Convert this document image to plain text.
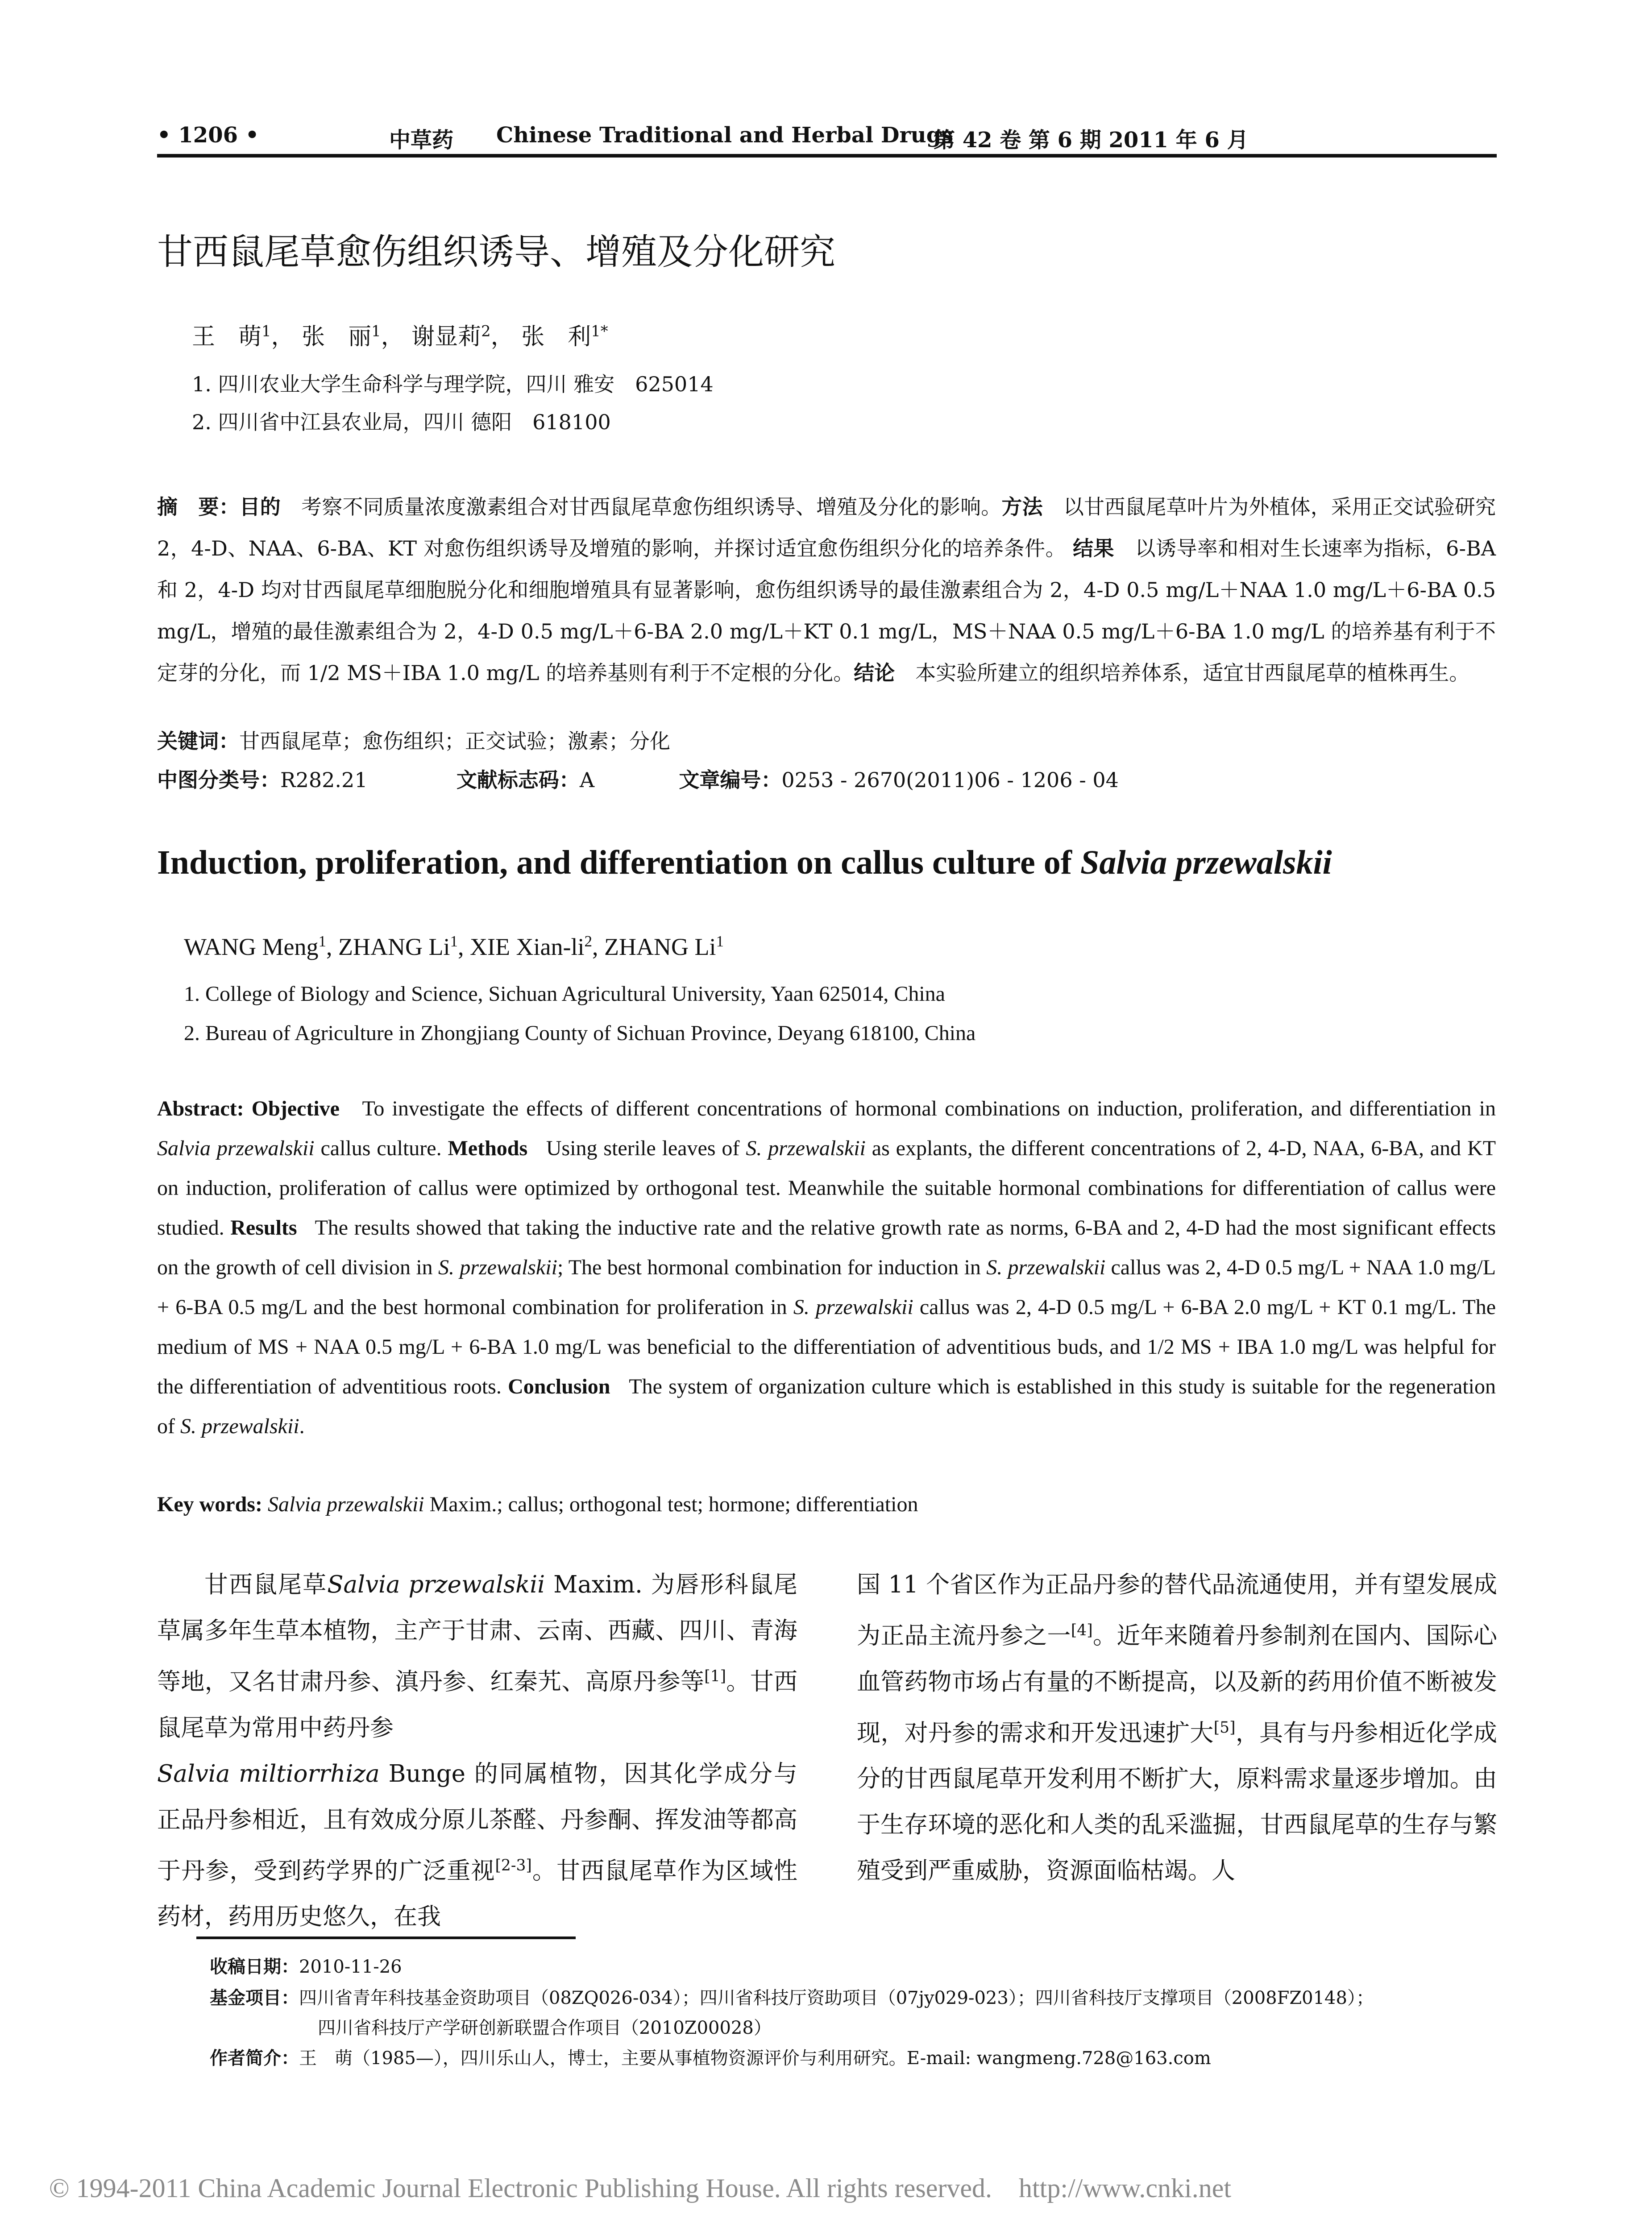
• 1206 •	中草药 Chinese Traditional and Herbal Drugs
第 42 卷 第 6 期 2011 年 6 月
甘西鼠尾草愈伤组织诱导、增殖及分化研究
王　萌$^1$， 张　丽$^1$， 谢显莉$^2$， 张　利$^{1*}$
1. 四川农业大学生命科学与理学院，四川 雅安　625014
2. 四川省中江县农业局，四川 德阳　618100
摘　要：目的　 考察不同质量浓度激素组合对甘西鼠尾草愈伤组织诱导、增殖及分化的影响。方法　 以甘西鼠尾草叶片为外植体，采用正交试验研究 2，4-D、NAA、6-BA、KT 对愈伤组织诱导及增殖的影响，并探讨适宜愈伤组织分化的培养条件。 结果　 以诱导率和相对生长速率为指标，6-BA 和 2，4-D 均对甘西鼠尾草细胞脱分化和细胞增殖具有显著影响，愈伤组织诱导的最佳激素组合为 2，4-D 0.5 mg/L＋NAA 1.0 mg/L＋6-BA 0.5 mg/L，增殖的最佳激素组合为 2，4-D 0.5 mg/L＋6-BA 2.0 mg/L＋KT 0.1 mg/L，MS＋NAA 0.5 mg/L＋6-BA 1.0 mg/L 的培养基有利于不定芽的分化，而 1/2 MS＋IBA 1.0 mg/L 的培养基则有利于不定根的分化。结论　 本实验所建立的组织培养体系，适宜甘西鼠尾草的植株再生。
关键词：甘西鼠尾草；愈伤组织；正交试验；激素；分化
中图分类号：R282.21	文献标志码：A	文章编号：0253 - 2670(2011)06 - 1206 - 04
Induction, proliferation, and differentiation on callus culture of Salvia przewalskii
WANG Meng$^1$, ZHANG Li$^1$, XIE Xian-$li^2$, ZHANG Li$^1$
1. College of Biology and Science, Sichuan Agricultural University, Yaan 625014, China
2. Bureau of Agriculture in Zhongjiang County of Sichuan Province, Deyang 618100, China
Abstract: Objective To investigate the effects of different concentrations of hormonal combinations on induction, proliferation, and differentiation in Salvia przewalskii callus culture. Methods Using sterile leaves of S. przewalskii as explants, the different concentrations of 2, 4-D, NAA, 6-BA, and KT on induction, proliferation of callus were optimized by orthogonal test. Meanwhile the suitable hormonal combinations for differentiation of callus were studied. Results The results showed that taking the inductive rate and the relative growth rate as norms, 6-BA and 2, 4-D had the most significant effects on the growth of cell division in S. przewalskii; The best hormonal combination for induction in S. przewalskii callus was 2, 4-D 0.5 mg/L + NAA 1.0 mg/L + 6-BA 0.5 mg/L and the best hormonal combination for proliferation in S. przewalskii callus was 2, 4-D 0.5 mg/L + 6-BA 2.0 mg/L + KT 0.1 mg/L. The medium of MS + NAA 0.5 mg/L + 6-BA 1.0 mg/L was beneficial to the differentiation of adventitious buds, and 1/2 MS + IBA 1.0 mg/L was helpful for the differentiation of adventitious roots. Conclusion The system of organization culture which is established in this study is suitable for the regeneration of S. przewalskii.
Key words: Salvia przewalskii Maxim.; callus; orthogonal test; hormone; differentiation
甘西鼠尾草Salvia przewalskii Maxim. 为唇形科鼠尾草属多年生草本植物，主产于甘肃、云南、西藏、四川、青海等地，又名甘肃丹参、滇丹参、红秦艽、高原丹参等[1]。甘西鼠尾草为常用中药丹参
Salvia miltiorrhiza Bunge 的同属植物，因其化学成分与正品丹参相近，且有效成分原儿茶醛、丹参酮、挥发油等都高于丹参，受到药学界的广泛重视[2-3]。甘西鼠尾草作为区域性药材，药用历史悠久，在我
国 11 个省区作为正品丹参的替代品流通使用，并有望发展成为正品主流丹参之一[4]。近年来随着丹参制剂在国内、国际心血管药物市场占有量的不断提高，以及新的药用价值不断被发现，对丹参的需求和开发迅速扩大[5]，具有与丹参相近化学成分的甘西鼠尾草开发利用不断扩大，原料需求量逐步增加。由于生存环境的恶化和人类的乱采滥掘，甘西鼠尾草的生存与繁殖受到严重威胁，资源面临枯竭。人
收稿日期：2010-11-26
基金项目：四川省青年科技基金资助项目（08ZQ026-034）；四川省科技厅资助项目（07jy029-023）；四川省科技厅支撑项目（2008FZ0148）；
四川省科技厅产学研创新联盟合作项目（2010Z00028）
作者简介：王　萌（1985—），四川乐山人，博士，主要从事植物资源评价与利用研究。E-mail: wangmeng.728@163.com
© 1994-2011 China Academic Journal Electronic Publishing House. All rights reserved.    http://www.cnki.net
